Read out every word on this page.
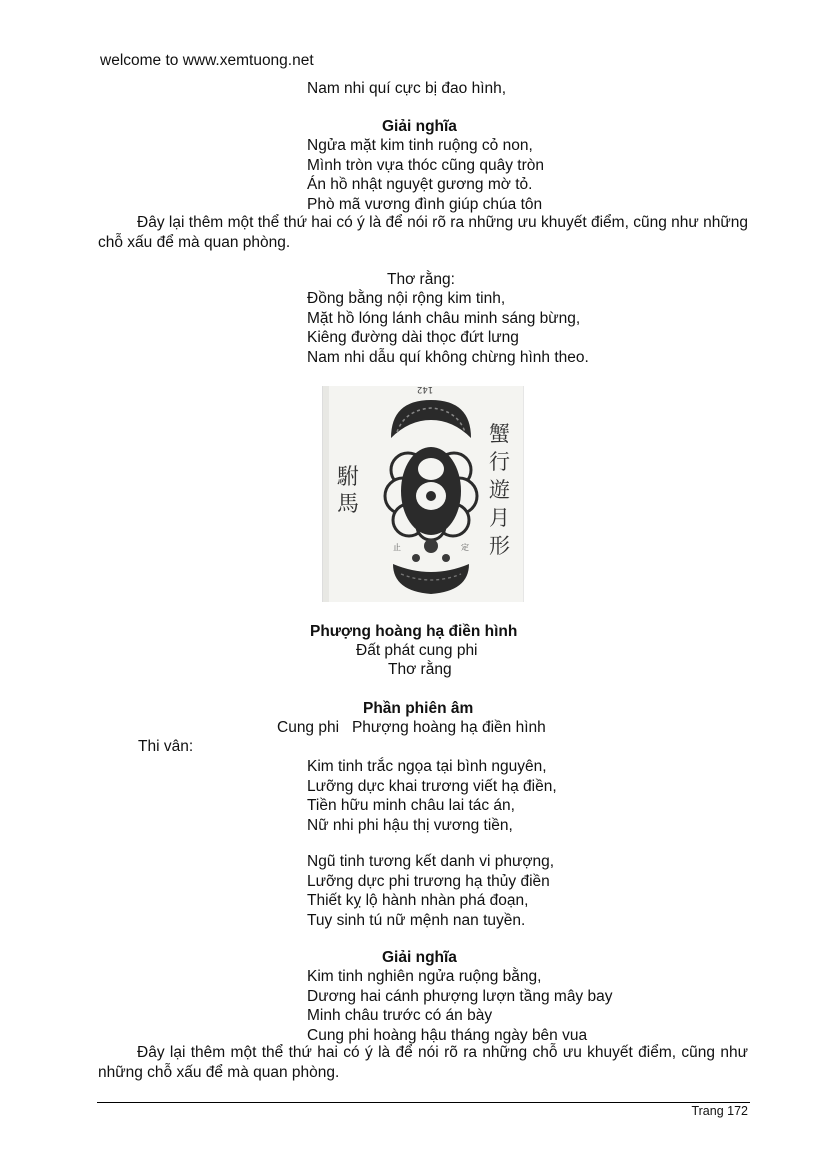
welcome to www.xemtuong.net
Nam nhi quí cực bị đao hình,
Giải nghĩa
Ngửa mặt kim tinh ruộng cỏ non,
Mình tròn vựa thóc cũng quây tròn
Án hồ nhật nguyệt gương mờ tỏ.
Phò mã vương đình giúp chúa tôn
Đây lại thêm một thể thứ hai có ý là để nói rõ ra những ưu khuyết điểm, cũng như những chỗ xấu để mà quan phòng.
Thơ rằng:
Đồng bằng nội rộng kim tinh,
Mặt hồ lóng lánh châu minh sáng bừng,
Kiêng đường dài thọc đứt lưng
Nam nhi dẫu quí không chừng hình theo.
止	定
142
駙馬
蟹行遊月形
Phượng hoàng hạ điền hình
Đất phát cung phi
Thơ rằng
Phần phiên âm
Cung phi   Phượng hoàng hạ điền hình
Thi vân:
Kim tinh trắc ngọa tại bình nguyên,
Lưỡng dực khai trương viết hạ điền,
Tiền hữu minh châu lai tác án,
Nữ nhi phi hậu thị vương tiền,
Ngũ tinh tương kết danh vi phượng,
Lưỡng dực phi trương hạ thủy điền
Thiết kỵ lộ hành nhàn phá đoạn,
Tuy sinh tú nữ mệnh nan tuyền.
Giải nghĩa
Kim tinh nghiên ngửa ruộng bằng,
Dương hai cánh phượng lượn tầng mây bay
Minh châu trước có án bày
Cung phi hoàng hậu tháng ngày bên vua
Đây lại thêm một thể thứ hai có ý là để nói rõ ra những chỗ ưu khuyết điểm, cũng như những chỗ xấu để mà quan phòng.
Trang 172
